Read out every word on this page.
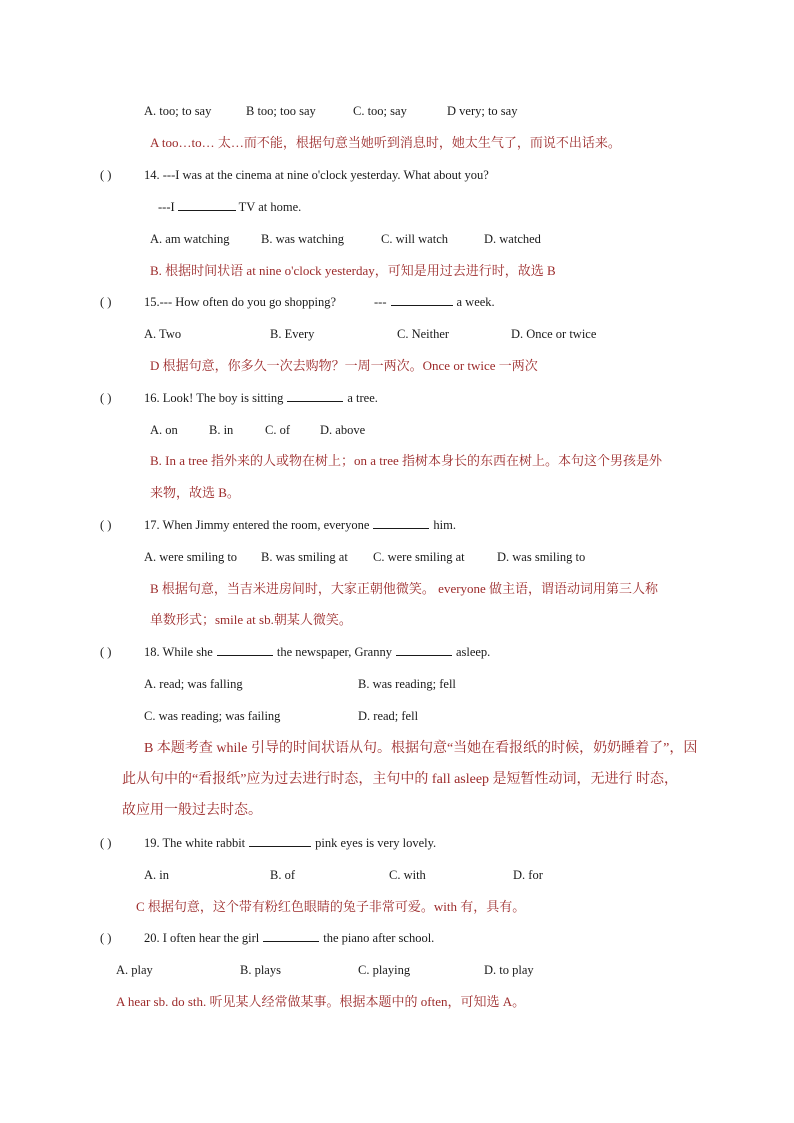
A. too; to say	B too; too say	C. too; say	D very; to say
A too…to… 太…而不能，根据句意当她听到消息时，她太生气了，而说不出话来。
( )	14. ---I was at the cinema at nine o'clock yesterday. What about you?
---I	TV at home.
A. am watching	B. was watching	C. will watch	D. watched
B. 根据时间状语 at nine o'clock yesterday，可知是用过去进行时，故选 B
( )	15.--- How often do you go shopping?	---	a week.
A. Two	B. Every	C. Neither	D. Once or twice
D 根据句意，你多久一次去购物？一周一两次。Once or twice 一两次
( )	16. Look! The boy is sitting	a tree.
A. on B. in	C. of D. above
B. In a tree 指外来的人或物在树上；on a tree 指树本身长的东西在树上。本句这个男孩是外
来物，故选 B。
( )	17. When Jimmy entered the room, everyone	him.
A. were smiling to B. was smiling at C. were smiling at	D. was smiling to
B 根据句意，当吉米进房间时，大家正朝他微笑。 everyone 做主语，谓语动词用第三人称
单数形式；smile at sb.朝某人微笑。
( )	18. While she	the newspaper, Granny	asleep.
A. read; was falling	B. was reading; fell
C. was reading; was failing	D. read; fell
B 本题考查 while 引导的时间状语从句。根据句意“当她在看报纸的时候，奶奶睡着了”，因
此从句中的“看报纸”应为过去进行时态，主句中的 fall asleep 是短暂性动词，无进行 时态，
故应用一般过去时态。
( )	19. The white rabbit	pink eyes is very lovely.
A. in	B. of	C. with	D. for
C 根据句意，这个带有粉红色眼睛的兔子非常可爱。with 有，具有。
( )	20. I often hear the girl	the piano after school.
A. play	B. plays	C. playing	D. to play
A hear sb. do sth. 听见某人经常做某事。根据本题中的 often，可知选 A。
